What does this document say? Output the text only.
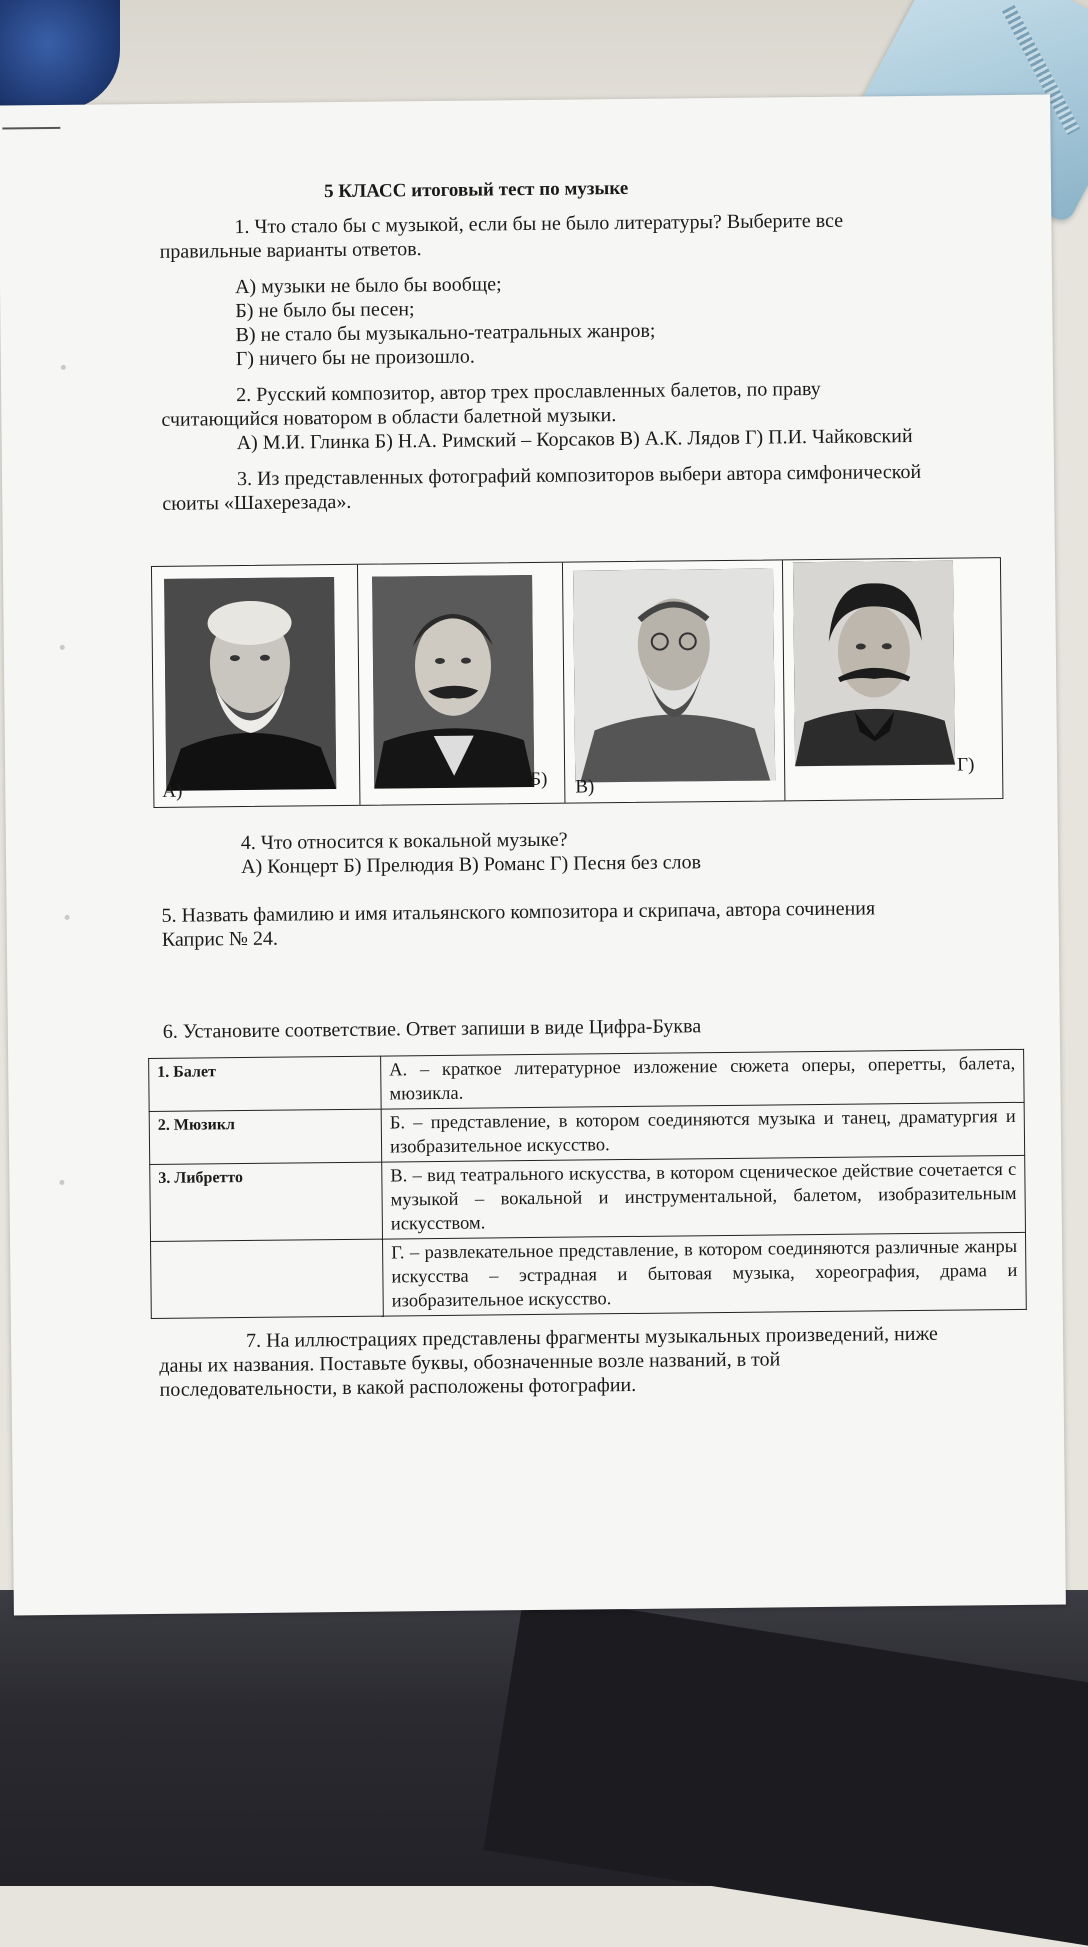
5 КЛАСС итоговый тест по музыке
1. Что стало бы с музыкой, если бы не было литературы? Выберите все
правильные варианты ответов.
А) музыки не было бы вообще;
Б) не было бы песен;
В) не стало бы музыкально-театральных жанров;
Г) ничего бы не произошло.
2. Русский композитор, автор трех прославленных балетов, по праву
считающийся новатором в области балетной музыки.
А) М.И. Глинка Б) Н.А. Римский – Корсаков В) А.К. Лядов Г) П.И. Чайковский
3. Из представленных фотографий композиторов выбери автора симфонической
сюиты «Шахерезада».
А)
Б) В)
Г)
4. Что относится к вокальной музыке?
А) Концерт Б) Прелюдия В) Романс Г) Песня без слов
5. Назвать фамилию и имя итальянского композитора и скрипача, автора сочинения
Каприс № 24.
6. Установите соответствие. Ответ запиши в виде Цифра-Буква
1. Балет	А. – краткое литературное изложение сюжета оперы, оперетты, балета, мюзикла.
2. Мюзикл	Б. – представление, в котором соединяются музыка и танец, драматургия и изобразительное искусство.
3. Либретто	В. – вид театрального искусства, в котором сценическое действие сочетается с музыкой – вокальной и инструментальной, балетом, изобразительным искусством.
	Г. – развлекательное представление, в котором соединяются различные жанры искусства – эстрадная и бытовая музыка, хореография, драма и изобразительное искусство.
7. На иллюстрациях представлены фрагменты музыкальных произведений, ниже
даны их названия. Поставьте буквы, обозначенные возле названий, в той
последовательности, в какой расположены фотографии.
